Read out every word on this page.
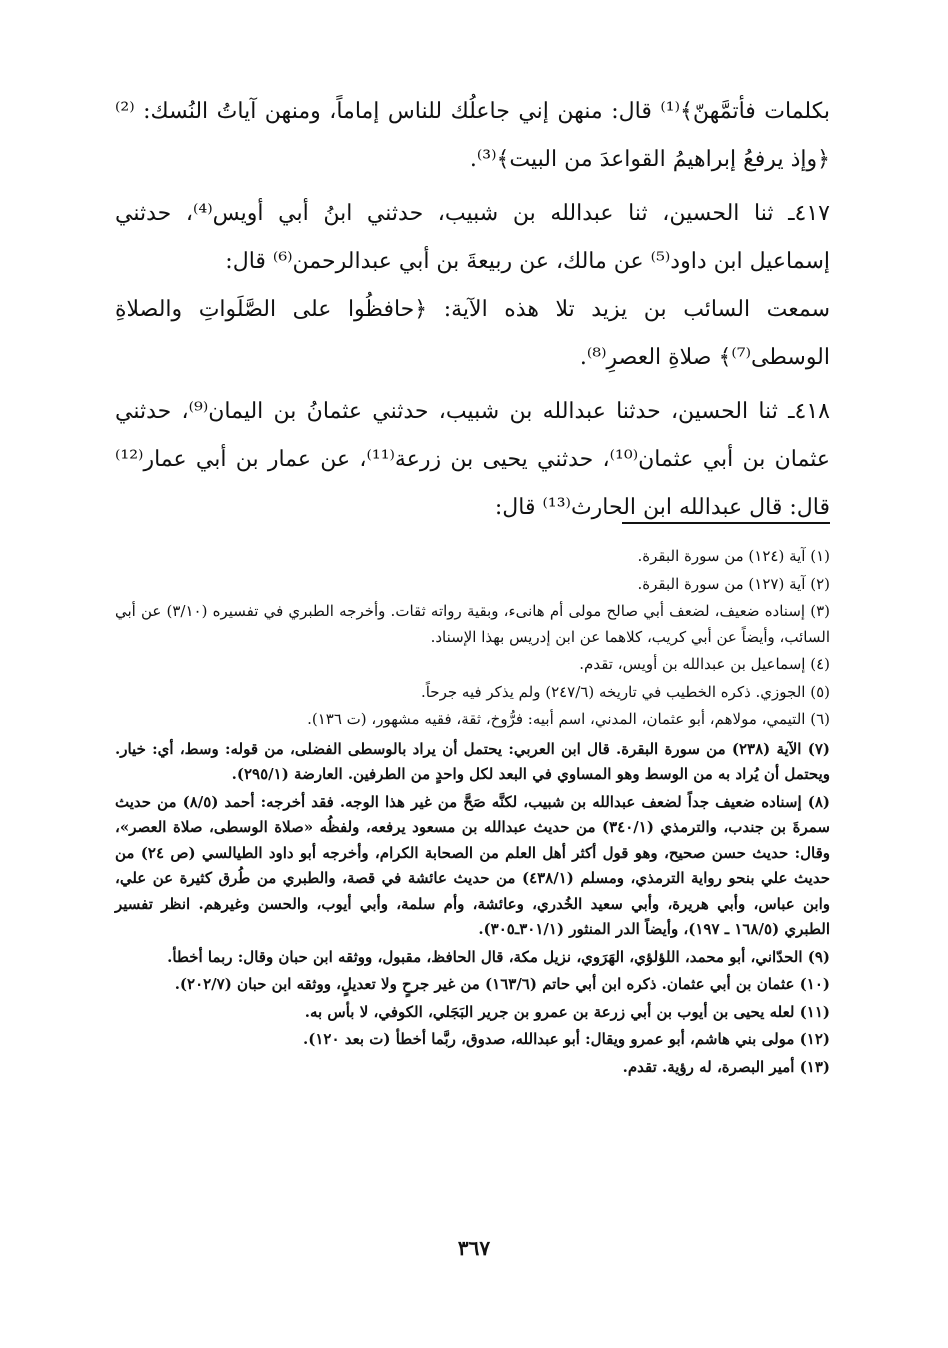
بكلمات فأتمَّهنّ﴾⁽¹⁾ قال: منهن إني جاعلُك للناس إماماً، ومنهن آياتُ النُسك: ⁽²⁾﴿وإذ يرفعُ إبراهيمُ القواعدَ من البيت﴾⁽³⁾.

٤١٧ـ ثنا الحسين، ثنا عبدالله بن شبيب، حدثني ابنُ أبي أويس⁽⁴⁾، حدثني إسماعيل ابن داود⁽⁵⁾ عن مالك، عن ربيعةَ بن أبي عبدالرحمن⁽⁶⁾ قال:

سمعت السائب بن يزيد تلا هذه الآية: ﴿حافظُوا على الصَّلَواتِ والصلاةِ الوسطى⁽⁷⁾﴾ صلاةِ العصرِ⁽⁸⁾.

٤١٨ـ ثنا الحسين، حدثنا عبدالله بن شبيب، حدثني عثمانُ بن اليمان⁽⁹⁾، حدثني عثمان بن أبي عثمان⁽¹⁰⁾، حدثني يحيى بن زرعة⁽¹¹⁾، عن عمار بن أبي عمار⁽¹²⁾ قال: قال عبدالله ابن الحارث⁽¹³⁾ قال:

(١) آية (١٢٤) من سورة البقرة.

(٢) آية (١٢٧) من سورة البقرة.

(٣) إسناده ضعيف، لضعف أبي صالح مولى أم هانىء، وبقية رواته ثقات. وأخرجه الطبري في تفسيره (٣/١٠) عن أبي السائب، وأيضاً عن أبي كريب، كلاهما عن ابن إدريس بهذا الإسناد.

(٤) إسماعيل بن عبدالله بن أويس، تقدم.

(٥) الجوزي. ذكره الخطيب في تاريخه (٢٤٧/٦) ولم يذكر فيه جرحاً.

(٦) التيمي، مولاهم، أبو عثمان، المدني، اسم أبيه: فرُّوخ، ثقة، فقيه مشهور، (ت ١٣٦).

(٧) الآية (٢٣٨) من سورة البقرة. قال ابن العربي: يحتمل أن يراد بالوسطى الفضلى، من قوله: وسط، أي: خيار. ويحتمل أن يُراد به من الوسط وهو المساوي في البعد لكل واحدٍ من الطرفين. العارضة (٢٩٥/١).

(٨) إسناده ضعيف جداً لضعف عبدالله بن شبيب، لكنَّه صَحَّ من غير هذا الوجه. فقد أخرجه: أحمد (٨/٥) من حديث سمرةَ بن جندب، والترمذي (٣٤٠/١) من حديث عبدالله بن مسعود يرفعه، ولفظُه «صلاة الوسطى، صلاة العصر»، وقال: حديث حسن صحيح، وهو قول أكثر أهل العلم من الصحابة الكرام، وأخرجه أبو داود الطيالسي (ص ٢٤) من حديث علي بنحو رواية الترمذي، ومسلم (٤٣٨/١) من حديث عائشة في قصة، والطبري من طُرق كثيرة عن علي، وابن عباس، وأبي هريرة، وأبي سعيد الخُدري، وعائشة، وأم سلمة، وأبي أيوب، والحسن وغيرهم. انظر تفسير الطبري (١٦٨/٥ ـ ١٩٧)، وأيضاً الدر المنثور (٣٠١/١ـ٣٠٥).

(٩) الحدّاني، أبو محمد، اللؤلؤي، الهَرَوي، نزيل مكة، قال الحافظ، مقبول، ووثقه ابن حبان وقال: ربما أخطأ.

(١٠) عثمان بن أبي عثمان. ذكره ابن أبي حاتم (١٦٣/٦) من غير جرحٍ ولا تعديلٍ، ووثقه ابن حبان (٢٠٢/٧).

(١١) لعله يحيى بن أيوب بن أبي زرعة بن عمرو بن جرير البَجَلي، الكوفي، لا بأس به.

(١٢) مولى بني هاشم، أبو عمرو ويقال: أبو عبدالله، صدوق، ربَّما أخطأ (ت بعد ١٢٠).

(١٣) أمير البصرة، له رؤية. تقدم.

٣٦٧
